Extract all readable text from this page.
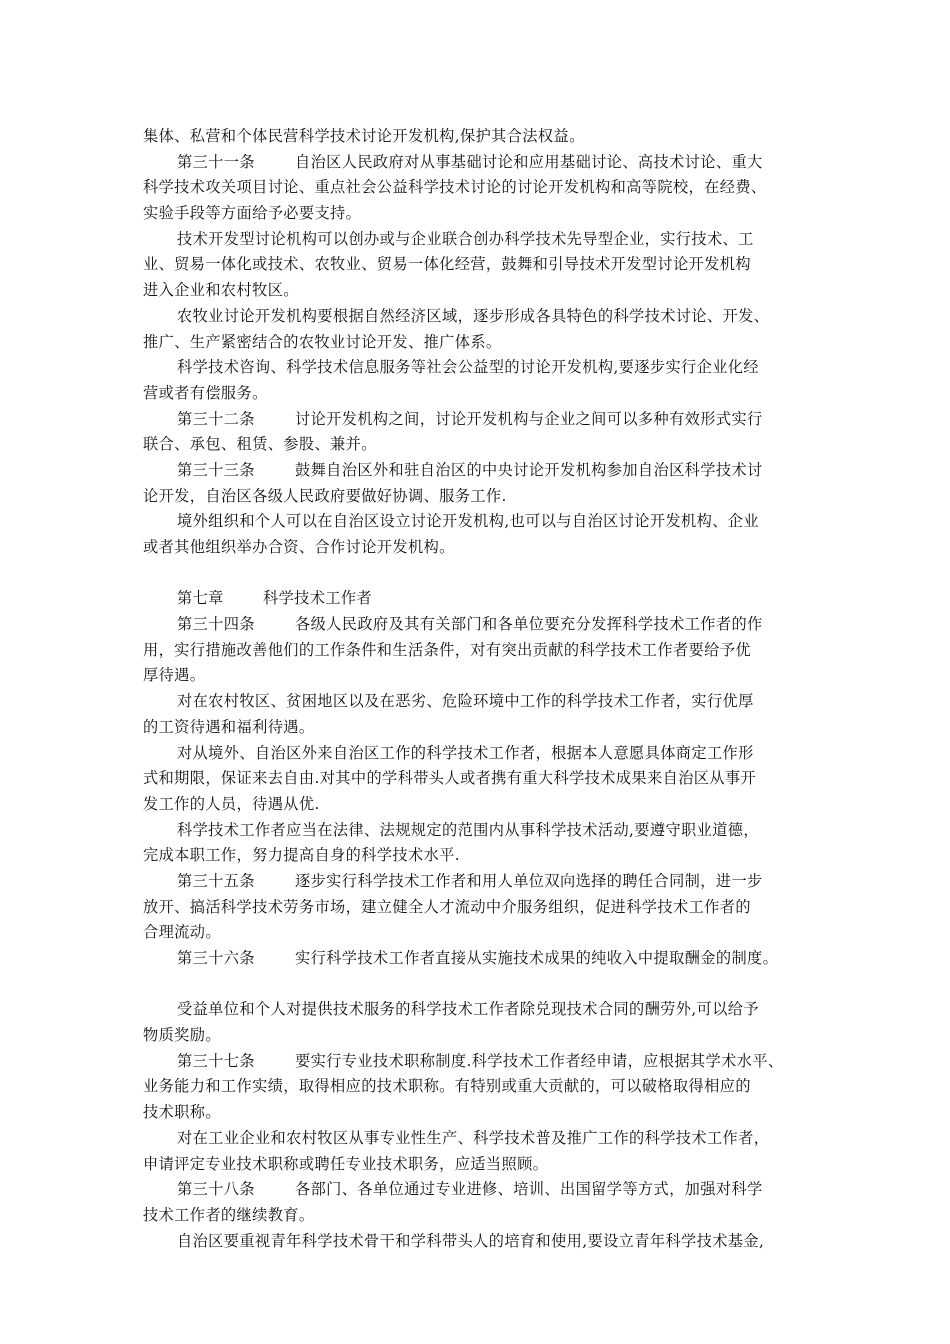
集体、私营和个体民营科学技术讨论开发机构,保护其合法权益。
第三十一条	自治区人民政府对从事基础讨论和应用基础讨论、高技术讨论、重大
科学技术攻关项目讨论、重点社会公益科学技术讨论的讨论开发机构和高等院校，在经费、
实验手段等方面给予必要支持。
技术开发型讨论机构可以创办或与企业联合创办科学技术先导型企业，实行技术、工
业、贸易一体化或技术、农牧业、贸易一体化经营，鼓舞和引导技术开发型讨论开发机构
进入企业和农村牧区。
农牧业讨论开发机构要根据自然经济区域，逐步形成各具特色的科学技术讨论、开发、
推广、生产紧密结合的农牧业讨论开发、推广体系。
科学技术咨询、科学技术信息服务等社会公益型的讨论开发机构,要逐步实行企业化经
营或者有偿服务。
第三十二条	讨论开发机构之间，讨论开发机构与企业之间可以多种有效形式实行
联合、承包、租赁、参股、兼并。
第三十三条	鼓舞自治区外和驻自治区的中央讨论开发机构参加自治区科学技术讨
论开发，自治区各级人民政府要做好协调、服务工作.
境外组织和个人可以在自治区设立讨论开发机构,也可以与自治区讨论开发机构、企业
或者其他组织举办合资、合作讨论开发机构。
第七章	科学技术工作者
第三十四条	各级人民政府及其有关部门和各单位要充分发挥科学技术工作者的作
用，实行措施改善他们的工作条件和生活条件，对有突出贡献的科学技术工作者要给予优
厚待遇。
对在农村牧区、贫困地区以及在恶劣、危险环境中工作的科学技术工作者，实行优厚
的工资待遇和福利待遇。
对从境外、自治区外来自治区工作的科学技术工作者，根据本人意愿具体商定工作形
式和期限，保证来去自由.对其中的学科带头人或者携有重大科学技术成果来自治区从事开
发工作的人员，待遇从优.
科学技术工作者应当在法律、法规规定的范围内从事科学技术活动,要遵守职业道德，
完成本职工作，努力提高自身的科学技术水平.
第三十五条	逐步实行科学技术工作者和用人单位双向选择的聘任合同制，进一步
放开、搞活科学技术劳务市场，建立健全人才流动中介服务组织，促进科学技术工作者的
合理流动。
第三十六条	实行科学技术工作者直接从实施技术成果的纯收入中提取酬金的制度。
受益单位和个人对提供技术服务的科学技术工作者除兑现技术合同的酬劳外,可以给予
物质奖励。
第三十七条	要实行专业技术职称制度.科学技术工作者经申请，应根据其学术水平、
业务能力和工作实绩，取得相应的技术职称。有特别或重大贡献的，可以破格取得相应的
技术职称。
对在工业企业和农村牧区从事专业性生产、科学技术普及推广工作的科学技术工作者，
申请评定专业技术职称或聘任专业技术职务，应适当照顾。
第三十八条	各部门、各单位通过专业进修、培训、出国留学等方式，加强对科学
技术工作者的继续教育。
自治区要重视青年科学技术骨干和学科带头人的培育和使用,要设立青年科学技术基金,
